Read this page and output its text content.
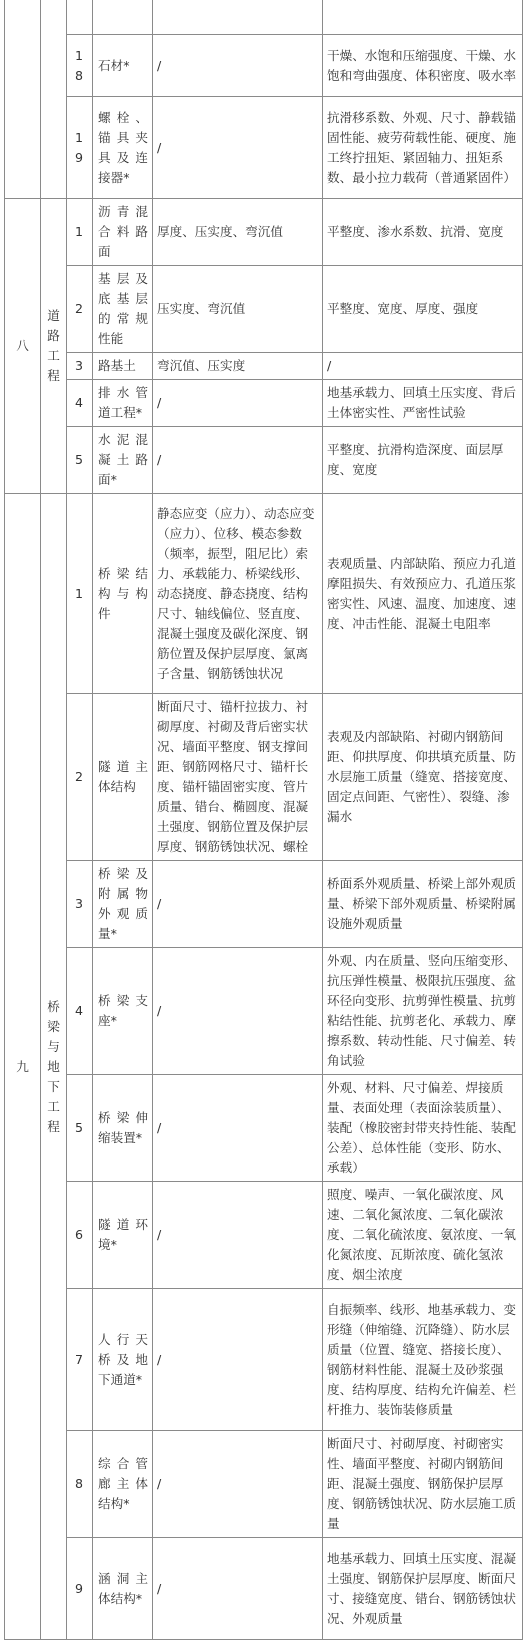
		18	石材*	/	干燥、水饱和压缩强度、干燥、水饱和弯曲强度、体积密度、吸水率
		19	螺栓、锚具夹具及连接器*	/	抗滑移系数、外观、尺寸、静载锚固性能、疲劳荷载性能、硬度、施工终拧扭矩、紧固轴力、扭矩系数、最小拉力载荷（普通紧固件）
八	道路工程	1	沥青混合料路面	厚度、压实度、弯沉值	平整度、渗水系数、抗滑、宽度
		2	基层及底基层的常规性能	压实度、弯沉值	平整度、宽度、厚度、强度
		3	路基土	弯沉值、压实度	/
		4	排水管道工程*	/	地基承载力、回填土压实度、背后土体密实性、严密性试验
		5	水泥混凝土路面*	/	平整度、抗滑构造深度、面层厚度、宽度
九	桥梁与地下工程	1	桥梁结构与构件	静态应变（应力）、动态应变（应力）、位移、模态参数（频率，振型，阻尼比）索力、承载能力、桥梁线形、动态挠度、静态挠度、结构尺寸、轴线偏位、竖直度、混凝土强度及碳化深度、钢筋位置及保护层厚度、氯离子含量、钢筋锈蚀状况	表观质量、内部缺陷、预应力孔道摩阻损失、有效预应力、孔道压浆密实性、风速、温度、加速度、速度、冲击性能、混凝土电阻率
		2	隧道主体结构	断面尺寸、锚杆拉拔力、衬砌厚度、衬砌及背后密实状况、墙面平整度、钢支撑间距、钢筋网格尺寸、锚杆长度、锚杆锚固密实度、管片质量、错台、椭圆度、混凝土强度、钢筋位置及保护层厚度、钢筋锈蚀状况、螺栓	表观及内部缺陷、衬砌内钢筋间距、仰拱厚度、仰拱填充质量、防水层施工质量（缝宽、搭接宽度、固定点间距、气密性）、裂缝、渗漏水
		3	桥梁及附属物外观质量*	/	桥面系外观质量、桥梁上部外观质量、桥梁下部外观质量、桥梁附属设施外观质量
		4	桥梁支座*	/	外观、内在质量、竖向压缩变形、抗压弹性模量、极限抗压强度、盆环径向变形、抗剪弹性模量、抗剪粘结性能、抗剪老化、承载力、摩擦系数、转动性能、尺寸偏差、转角试验
		5	桥梁伸缩装置*	/	外观、材料、尺寸偏差、焊接质量、表面处理（表面涂装质量）、装配（橡胶密封带夹持性能、装配公差）、总体性能（变形、防水、承载）
		6	隧道环境*	/	照度、噪声、一氧化碳浓度、风速、二氧化氮浓度、二氧化碳浓度、二氧化硫浓度、氨浓度、一氧化氮浓度、瓦斯浓度、硫化氢浓度、烟尘浓度
		7	人行天桥及地下通道*	/	自振频率、线形、地基承载力、变形缝（伸缩缝、沉降缝）、防水层质量（位置、缝宽、搭接长度）、钢筋材料性能、混凝土及砂浆强度、结构厚度、结构允许偏差、栏杆推力、装饰装修质量
		8	综合管廊主体结构*	/	断面尺寸、衬砌厚度、衬砌密实性、墙面平整度、衬砌内钢筋间距、混凝土强度、钢筋保护层厚度、钢筋锈蚀状况、防水层施工质量
		9	涵洞主体结构*	/	地基承载力、回填土压实度、混凝土强度、钢筋保护层厚度、断面尺寸、接缝宽度、错台、钢筋锈蚀状况、外观质量
